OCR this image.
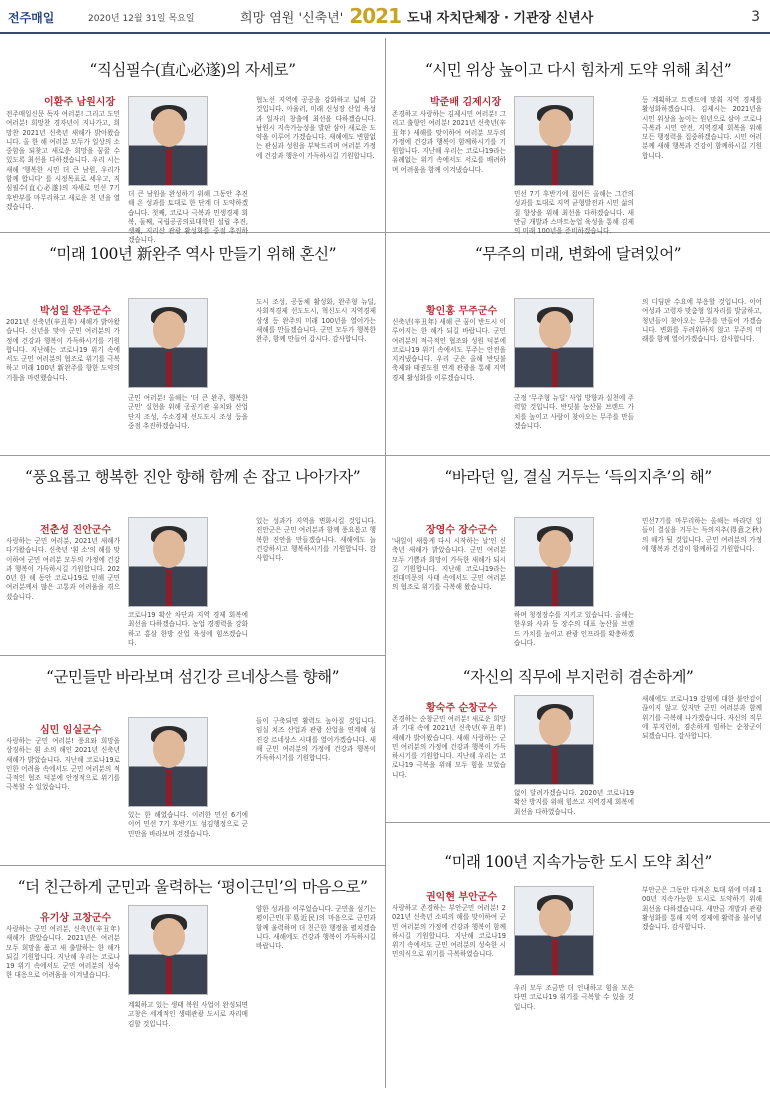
전주매일	2020년 12월 31일 목요일	희망 염원 '신축년' 2021 도내 자치단체장 · 기관장 신년사	3
“직심필수(直心必遂)의 자세로”
이환주 남원시장
전주매일신문 독자 여러분! 그리고 도민여러분! 희망찬 경자년이 지나가고, 희망찬 2021년 신축년 새해가 밝아왔습니다. 올 한 해 여러분 모두가 일상의 소중함을 되찾고 새로운 희망을 꿈꿀 수 있도록 최선을 다하겠습니다. 우리 시는 새해 '행복한 시민 더 큰 남원, 우리가 함께 합니다' 를 시정목표로 세우고, 직심필수(直心必遂)의 자세로 민선 7기 후반부를 마무리하고 새로운 천 년을 열겠습니다.
더 큰 남원을 완성하기 위해 그동안 추진해 온 성과를 토대로 한 단계 더 도약하겠습니다. 첫째, 코로나 극복과 민생경제 회복, 둘째, 국립공공의료대학원 설립 추진, 셋째, 지리산 관광 활성화를 중점 추진하겠습니다.
협노선 지역에 공공을 강화하고 넓혀 갈 것입니다. 아울러, 미래 신성장 산업 육성과 일자리 창출에 최선을 다하겠습니다. 남원시 지속가능성을 발판 삼아 새로운 도약을 이루어 가겠습니다. 새해에도 변함없는 관심과 성원을 부탁드리며 여러분 가정에 건강과 행운이 가득하시길 기원합니다.
“시민 위상 높이고 다시 힘차게 도약 위해 최선”
박준배 김제시장
존경하고 사랑하는 김제시민 여러분! 그리고 출향인 여러분! 2021년 신축년(辛丑年) 새해를 맞이하여 여러분 모두의 가정에 건강과 행복이 함께하시기를 기원합니다. 지난해 우리는 코로나19라는 유례없는 위기 속에서도 서로를 배려하며 어려움을 함께 이겨냈습니다.
민선 7기 후반기에 접어든 올해는 그간의 성과를 토대로 지역 균형발전과 시민 삶의 질 향상을 위해 최선을 다하겠습니다. 새만금 개발과 스마트농업 육성을 통해 김제의 미래 100년을 준비하겠습니다.
등 계획하고 트렌드에 맞춰 지역 경제를 활성화하겠습니다. 김제시는 2021년을 시민 위상을 높이는 원년으로 삼아 코로나 극복과 시민 안전, 지역경제 회복을 위해 모든 행정력을 집중하겠습니다. 시민 여러분께 새해 행복과 건강이 함께하시길 기원합니다.
“미래 100년 新완주 역사 만들기 위해 혼신”
박성일 완주군수
2021년 신축년(辛丑年) 새해가 밝아왔습니다. 신년을 맞아 군민 여러분의 가정에 건강과 행복이 가득하시기를 기원합니다. 지난해는 코로나19 위기 속에서도 군민 여러분의 협조로 위기를 극복하고 미래 100년 新완주를 향한 도약의 기틀을 마련했습니다.
군민 여러분! 올해는 '더 큰 완주, 행복한 군민' 실현을 위해 공공기관 유치와 산업단지 조성, 수소경제 선도도시 조성 등을 중점 추진하겠습니다.
도시 조성, 공동체 활성화, 완주형 뉴딜, 사회적경제 선도도시, 혁신도시 지역경제 상생 등 완주의 미래 100년을 열어가는 새해를 만들겠습니다. 군민 모두가 행복한 완주, 함께 만들어 갑시다. 감사합니다.
“무주의 미래, 변화에 달려있어”
황인홍 무주군수
신축년(辛丑年) 새해 큰 꿈이 반드시 이루어지는 한 해가 되길 바랍니다. 군민 여러분의 적극적인 협조와 성원 덕분에 코로나19 위기 속에서도 무주는 안전을 지켜냈습니다. 우리 군은 올해 반딧불 축제와 태권도원 연계 관광을 통해 지역경제 활성화를 이루겠습니다.
군정 '무주형 뉴딜' 사업 방향과 실천에 주력할 것입니다. 반딧불 농산물 브랜드 가치를 높이고 사람이 찾아오는 무주를 만들겠습니다.
의 디딤판 수요에 부응할 것입니다. 이어 여성과 고령자 맞춤형 일자리를 발굴하고, 청년들이 찾아오는 무주를 만들어 가겠습니다. 변화를 두려워하지 않고 무주의 미래를 함께 열어가겠습니다. 감사합니다.
“풍요롭고 행복한 진안 향해 함께 손 잡고 나아가자”
전춘성 진안군수
사랑하는 군민 여러분, 2021년 새해가 다가왔습니다. 신축년 '흰 소'의 해를 맞이하여 군민 여러분 모두의 가정에 건강과 행복이 가득하시길 기원합니다. 2020년 한 해 동안 코로나19로 인해 군민 여러분께서 많은 고통과 어려움을 겪으셨습니다.
코로나19 확산 차단과 지역 경제 회복에 최선을 다하겠습니다. 농업 경쟁력을 강화하고 홍삼 한방 산업 육성에 힘쓰겠습니다.
있는 성과가 지역을 변화시킬 것입니다. 진안군은 군민 여러분과 함께 풍요롭고 행복한 진안을 만들겠습니다. 새해에도 늘 건강하시고 행복하시기를 기원합니다. 감사합니다.
“바라던 일, 결실 거두는 ‘득의지추’의 해”
장영수 장수군수
'내일이 새롭게 다시 시작하는 날'인 신축년 새해가 밝았습니다. 군민 여러분 모두 기쁨과 희망이 가득한 새해가 되시길 기원합니다. 지난해 코로나19라는 전대미문의 사태 속에서도 군민 여러분의 협조로 위기를 극복해 왔습니다.
하며 청정장수를 지키고 있습니다. 올해는 한우와 사과 등 장수의 대표 농산물 브랜드 가치를 높이고 관광 인프라를 확충하겠습니다.
민선7기를 마무리하는 올해는 바라던 일들이 결실을 거두는 득의지추(得意之秋)의 해가 될 것입니다. 군민 여러분의 가정에 행복과 건강이 함께하길 기원합니다.
“군민들만 바라보며 섬긴강 르네상스를 향해”
심민 임실군수
사랑하는 군민 여러분! 풍요와 희망을 상징하는 흰 소의 해인 2021년 신축년 새해가 밝았습니다. 지난해 코로나19로 인한 어려움 속에서도 군민 여러분의 적극적인 협조 덕분에 안정적으로 위기를 극복할 수 있었습니다.
있는 한 해였습니다. 이러한 민선 6기에 이어 민선 7기 후반기도 섬김행정으로 군민만을 바라보며 걷겠습니다.
들이 구축되면 활력도 높아질 것입니다. 임실 치즈 산업과 관광 산업을 연계해 섬진강 르네상스 시대를 열어가겠습니다. 새해 군민 여러분의 가정에 건강과 행복이 가득하시기를 기원합니다.
“자신의 직무에 부지런히 겸손하게”
황숙주 순창군수
존경하는 순창군민 여러분! 새로운 희망과 기대 속에 2021년 신축년(辛丑年) 새해가 밝아왔습니다. 새해 사랑하는 군민 여러분의 가정에 건강과 행복이 가득하시기를 기원합니다. 지난해 우리는 코로나19 극복을 위해 모두 힘을 모았습니다.
없이 달려가겠습니다. 2020년 코로나19 확산 방지를 위해 힘쓰고 지역경제 회복에 최선을 다하였습니다.
새해에도 코로나19 감염에 대한 불안감이 끊이지 않고 있지만 군민 여러분과 함께 위기를 극복해 나가겠습니다. 자신의 직무에 부지런히, 겸손하게 임하는 순창군이 되겠습니다. 감사합니다.
“미래 100년 지속가능한 도시 도약 최선”
권익현 부안군수
사랑하고 존경하는 부안군민 여러분! 2021년 신축년 소띠의 해를 맞이하여 군민 여러분의 가정에 건강과 행복이 함께하시길 기원합니다. 지난해 코로나19 위기 속에서도 군민 여러분의 성숙한 시민의식으로 위기를 극복하였습니다.
우리 모두 조금만 더 인내하고 힘을 모은다면 코로나19 위기를 극복할 수 있을 것입니다.
부안군은 그동안 다져온 토대 위에 미래 100년 지속가능한 도시로 도약하기 위해 최선을 다하겠습니다. 새만금 개발과 관광 활성화를 통해 지역 경제에 활력을 불어넣겠습니다. 감사합니다.
“더 친근하게 군민과 울력하는 ‘평이근민’의 마음으로”
유기상 고창군수
사랑하는 군민 여러분, 신축년(辛丑年) 새해가 밝았습니다. 2021년은 여러분 모두 희망을 품고 새 출발하는 한 해가 되길 기원합니다. 지난해 우리는 코로나19 위기 속에서도 군민 여러분의 성숙한 대응으로 어려움을 이겨냈습니다.
계획하고 있는 생태 복원 사업이 완성되면 고창은 세계적인 생태관광 도시로 자리매김할 것입니다.
양한 성과를 이루었습니다. 군민을 섬기는 평이근민(平易近民)의 마음으로 군민과 함께 울력하며 더 친근한 행정을 펼치겠습니다. 새해에도 건강과 행복이 가득하시길 바랍니다.
